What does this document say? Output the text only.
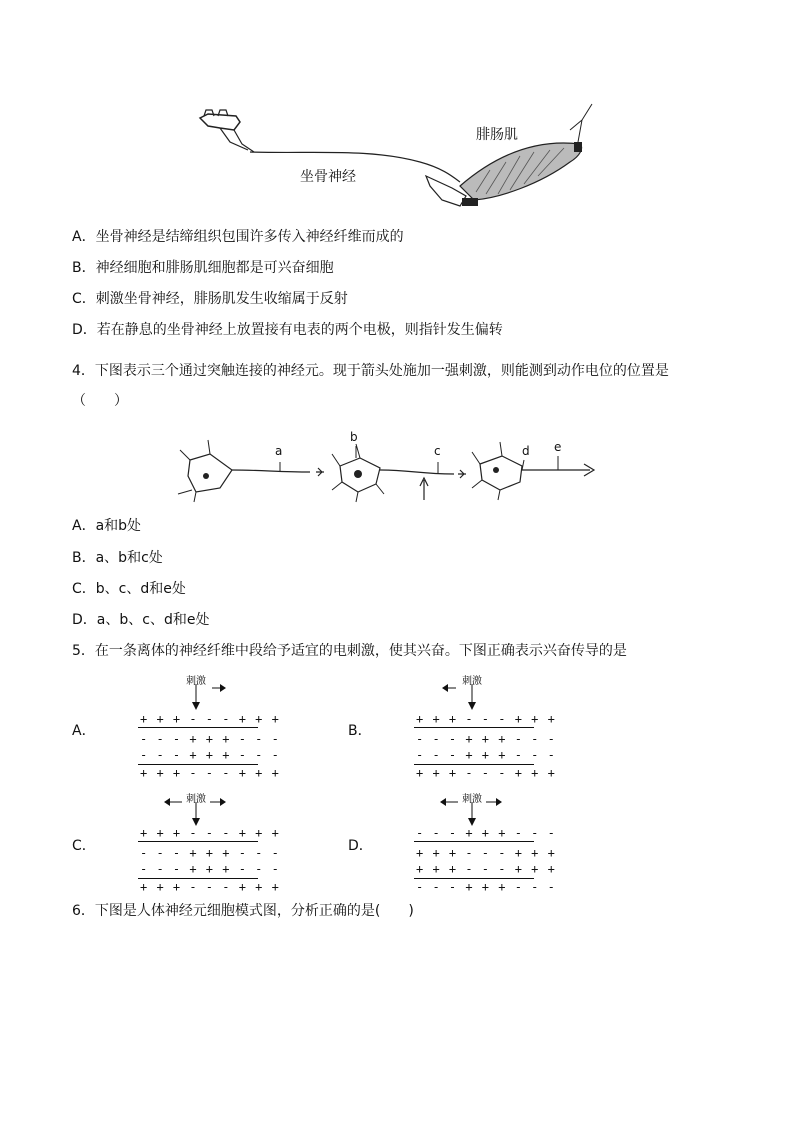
腓肠肌
坐骨神经
A．坐骨神经是结缔组织包围许多传入神经纤维而成的
B．神经细胞和腓肠肌细胞都是可兴奋细胞
C．刺激坐骨神经，腓肠肌发生收缩属于反射
D．若在静息的坐骨神经上放置接有电表的两个电极，则指针发生偏转
4．下图表示三个通过突触连接的神经元。现于箭头处施加一强刺激，则能测到动作电位的位置是
（　　）
a
b
c	d e
A．a和b处
B．a、b和c处
C．b、c、d和e处
D．a、b、c、d和e处
5．在一条离体的神经纤维中段给予适宜的电刺激，使其兴奋。下图正确表示兴奋传导的是
A．
刺激
+ + + - - - + + +
- - - + + + - - -
- - - + + + - - -
+ + + - - - + + +
B．
刺激
+ + + - - - + + +
- - - + + + - - -
- - - + + + - - -
+ + + - - - + + +
C．
刺激
+ + + - - - + + +
- - - + + + - - -
- - - + + + - - -
+ + + - - - + + +
D．
刺激
- - - + + + - - -
+ + + - - - + + +
+ + + - - - + + +
- - - + + + - - -
6．下图是人体神经元细胞模式图，分析正确的是(　　)
